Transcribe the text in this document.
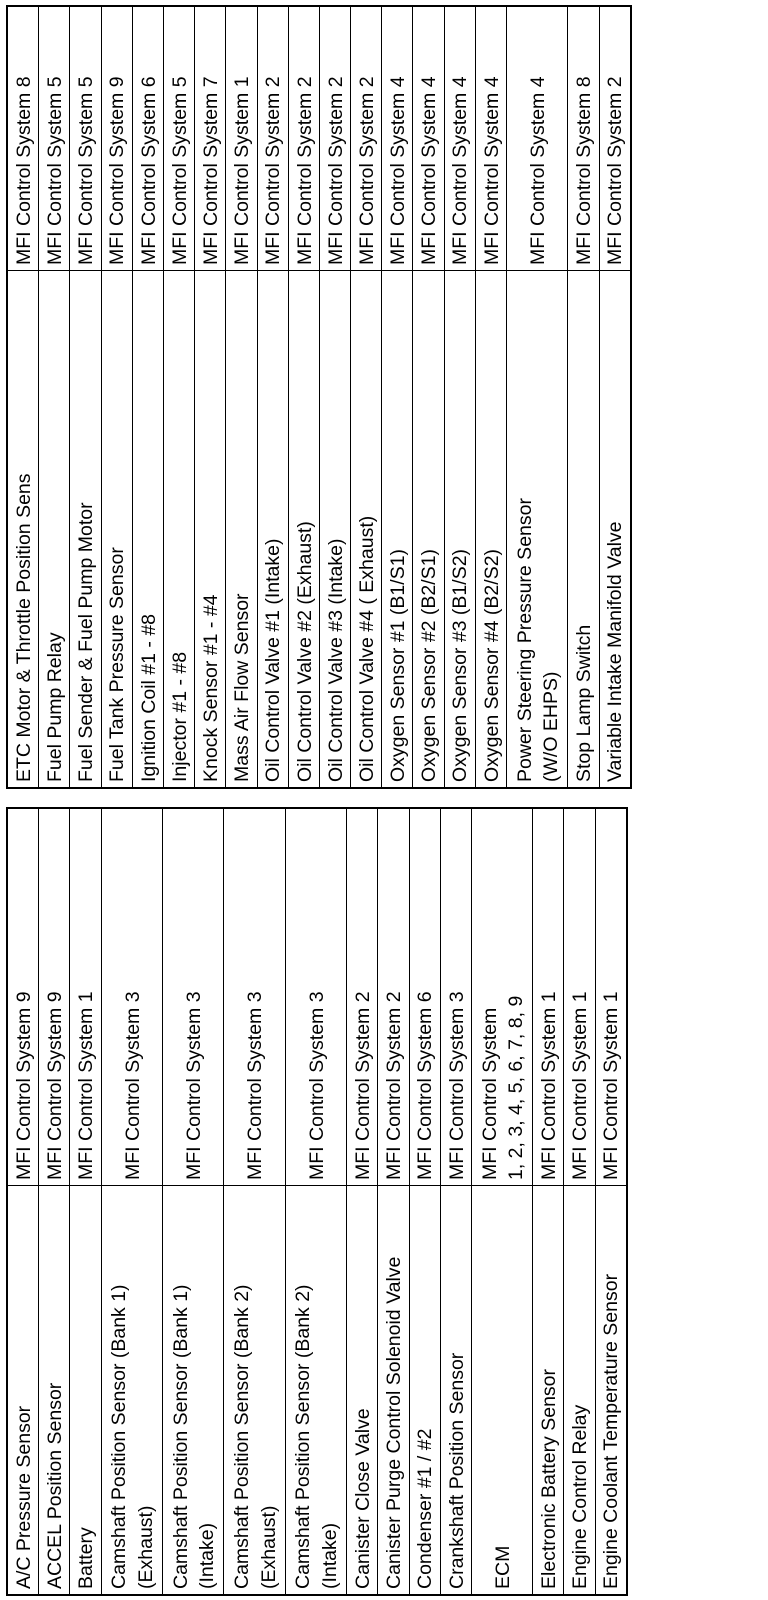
A/C Pressure Sensor
MFI Control System 9
ACCEL Position Sensor
MFI Control System 9
Battery
MFI Control System 1
Camshaft Position Sensor (Bank 1) (Exhaust)
MFI Control System 3
Camshaft Position Sensor (Bank 1) (Intake)
MFI Control System 3
Camshaft Position Sensor (Bank 2) (Exhaust)
MFI Control System 3
Camshaft Position Sensor (Bank 2) (Intake)
MFI Control System 3
Canister Close Valve
MFI Control System 2
Canister Purge Control Solenoid Valve
MFI Control System 2
Condenser #1 / #2
MFI Control System 6
Crankshaft Position Sensor
MFI Control System 3
ECM
MFI Control System 1, 2, 3, 4, 5, 6, 7, 8, 9
Electronic Battery Sensor
MFI Control System 1
Engine Control Relay
MFI Control System 1
Engine Coolant Temperature Sensor
MFI Control System 1
ETC Motor & Throttle Position Sens
MFI Control System 8
Fuel Pump Relay
MFI Control System 5
Fuel Sender & Fuel Pump Motor
MFI Control System 5
Fuel Tank Pressure Sensor
MFI Control System 9
Ignition Coil #1 - #8
MFI Control System 6
Injector #1 - #8
MFI Control System 5
Knock Sensor #1 - #4
MFI Control System 7
Mass Air Flow Sensor
MFI Control System 1
Oil Control Valve #1 (Intake)
MFI Control System 2
Oil Control Valve #2 (Exhaust)
MFI Control System 2
Oil Control Valve #3 (Intake)
MFI Control System 2
Oil Control Valve #4 ( Exhaust)
MFI Control System 2
Oxygen Sensor #1 (B1/S1)
MFI Control System 4
Oxygen Sensor #2 (B2/S1)
MFI Control System 4
Oxygen Sensor #3 (B1/S2)
MFI Control System 4
Oxygen Sensor #4 (B2/S2)
MFI Control System 4
Power Steering Pressure Sensor (W/O EHPS)
MFI Control System 4
Stop Lamp Switch
MFI Control System 8
Variable Intake Manifold Valve
MFI Control System 2
